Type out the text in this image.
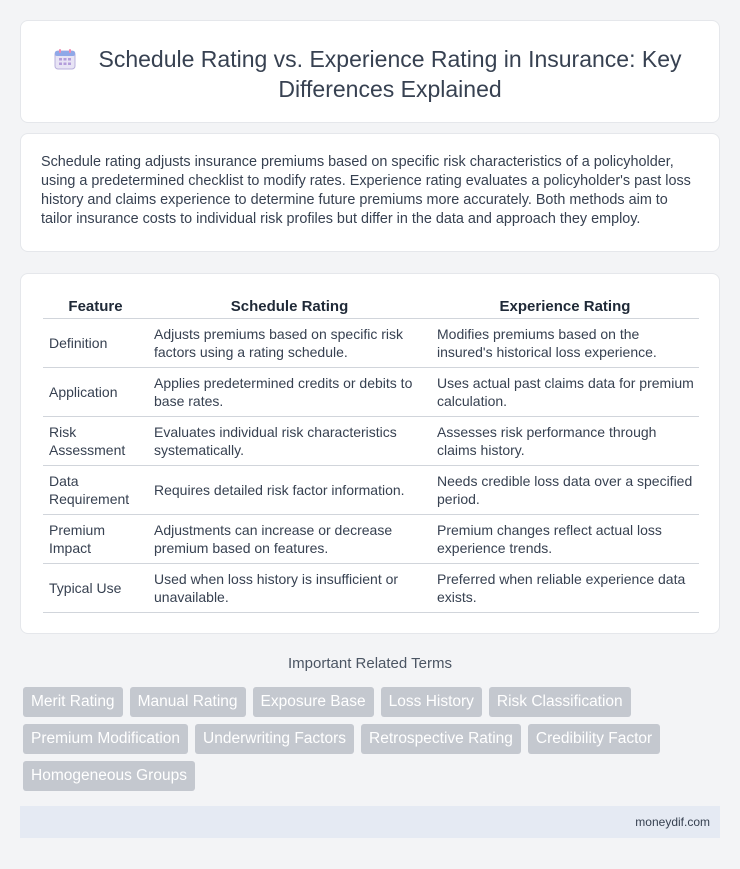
Schedule Rating vs. Experience Rating in Insurance: Key Differences Explained

Schedule rating adjusts insurance premiums based on specific risk characteristics of a policyholder, using a predetermined checklist to modify rates. Experience rating evaluates a policyholder's past loss history and claims experience to determine future premiums more accurately. Both methods aim to tailor insurance costs to individual risk profiles but differ in the data and approach they employ.

Feature	Schedule Rating	Experience Rating
Definition	Adjusts premiums based on specific risk factors using a rating schedule.	Modifies premiums based on the insured's historical loss experience.
Application	Applies predetermined credits or debits to base rates.	Uses actual past claims data for premium calculation.
Risk Assessment	Evaluates individual risk characteristics systematically.	Assesses risk performance through claims history.
Data Requirement	Requires detailed risk factor information.	Needs credible loss data over a specified period.
Premium Impact	Adjustments can increase or decrease premium based on features.	Premium changes reflect actual loss experience trends.
Typical Use	Used when loss history is insufficient or unavailable.	Preferred when reliable experience data exists.
Important Related Terms
Merit Rating	Manual Rating	Exposure Base	Loss History	Risk Classification
Premium Modification	Underwriting Factors	Retrospective Rating	Credibility Factor
Homogeneous Groups
moneydif.com
